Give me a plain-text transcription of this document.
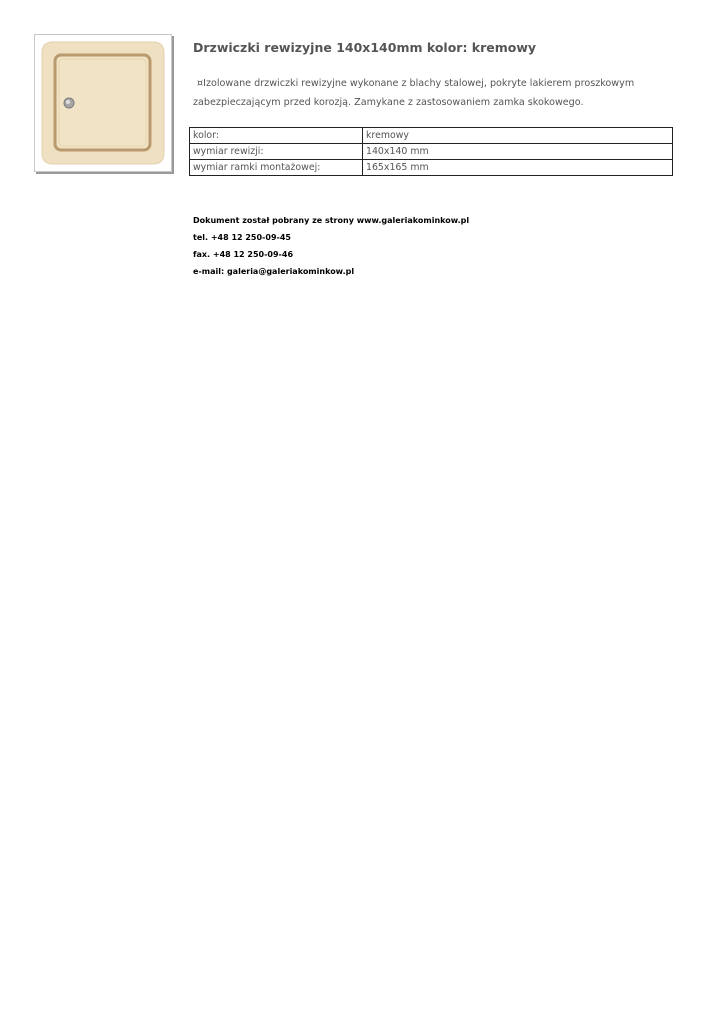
Drzwiczki rewizyjne 140x140mm kolor: kremowy

¤Izolowane drzwiczki rewizyjne wykonane z blachy stalowej, pokryte lakierem proszkowym zabezpieczającym przed korozją. Zamykane z zastosowaniem zamka skokowego.

kolor:	kremowy
wymiar rewizji:	140x140 mm
wymiar ramki montażowej:	165x165 mm
Dokument został pobrany ze strony www.galeriakominkow.pl
tel. +48 12 250-09-45
fax. +48 12 250-09-46
e-mail: galeria@galeriakominkow.pl
